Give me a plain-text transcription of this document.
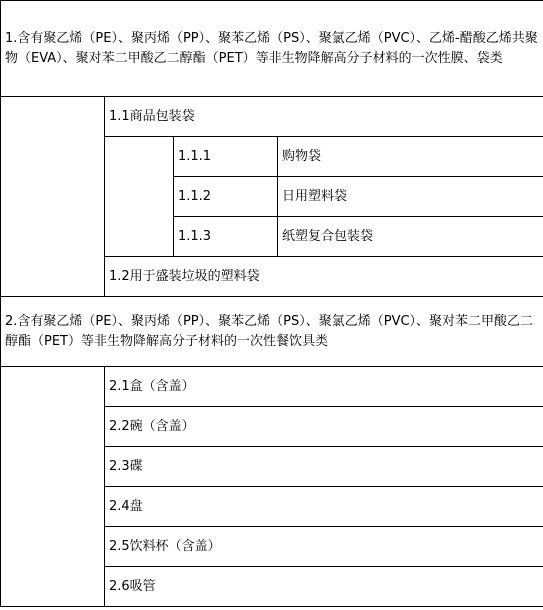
1.含有聚乙烯（PE）、聚丙烯（PP）、聚苯乙烯（PS）、聚氯乙烯（PVC）、乙烯-醋酸乙烯共聚物（EVA）、聚对苯二甲酸乙二醇酯（PET）等非生物降解高分子材料的一次性膜、袋类			
	1.1商品包装袋		
		1.1.1	购物袋
		1.1.2	日用塑料袋
		1.1.3	纸塑复合包装袋
	1.2用于盛装垃圾的塑料袋		
2.含有聚乙烯（PE）、聚丙烯（PP）、聚苯乙烯（PS）、聚氯乙烯（PVC）、聚对苯二甲酸乙二醇酯（PET）等非生物降解高分子材料的一次性餐饮具类			
	2.1盒（含盖）		
	2.2碗（含盖）		
	2.3碟		
	2.4盘		
	2.5饮料杯（含盖）		
	2.6吸管		
